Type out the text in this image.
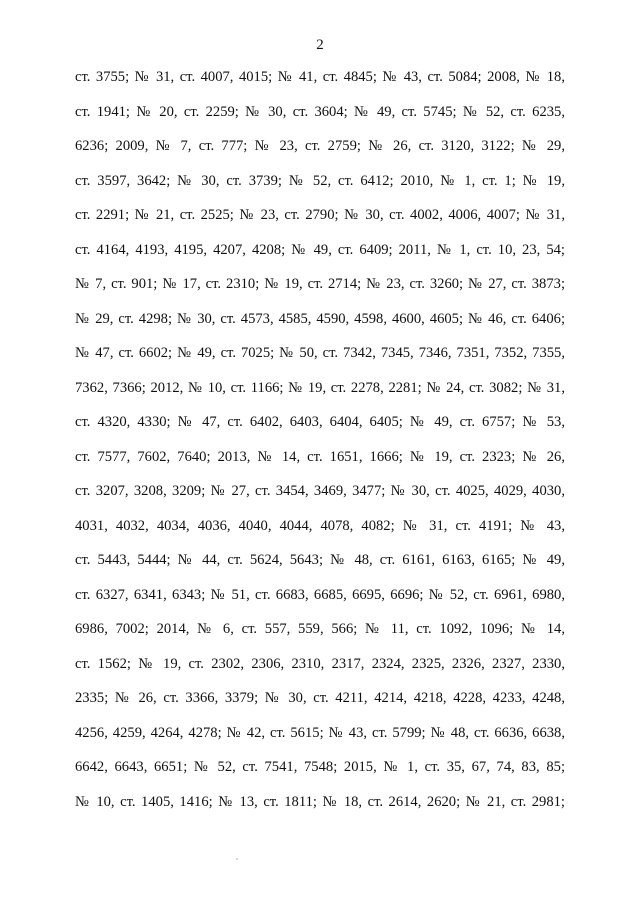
2
ст. 3755; № 31, ст. 4007, 4015; № 41, ст. 4845; № 43, ст. 5084; 2008, № 18,
ст. 1941; № 20, ст. 2259; № 30, ст. 3604; № 49, ст. 5745; № 52, ст. 6235,
6236; 2009, № 7, ст. 777; № 23, ст. 2759; № 26, ст. 3120, 3122; № 29,
ст. 3597, 3642; № 30, ст. 3739; № 52, ст. 6412; 2010, № 1, ст. 1; № 19,
ст. 2291; № 21, ст. 2525; № 23, ст. 2790; № 30, ст. 4002, 4006, 4007; № 31,
ст. 4164, 4193, 4195, 4207, 4208; № 49, ст. 6409; 2011, № 1, ст. 10, 23, 54;
№ 7, ст. 901; № 17, ст. 2310; № 19, ст. 2714; № 23, ст. 3260; № 27, ст. 3873;
№ 29, ст. 4298; № 30, ст. 4573, 4585, 4590, 4598, 4600, 4605; № 46, ст. 6406;
№ 47, ст. 6602; № 49, ст. 7025; № 50, ст. 7342, 7345, 7346, 7351, 7352, 7355,
7362, 7366; 2012, № 10, ст. 1166; № 19, ст. 2278, 2281; № 24, ст. 3082; № 31,
ст. 4320, 4330; № 47, ст. 6402, 6403, 6404, 6405; № 49, ст. 6757; № 53,
ст. 7577, 7602, 7640; 2013, № 14, ст. 1651, 1666; № 19, ст. 2323; № 26,
ст. 3207, 3208, 3209; № 27, ст. 3454, 3469, 3477; № 30, ст. 4025, 4029, 4030,
4031, 4032, 4034, 4036, 4040, 4044, 4078, 4082; № 31, ст. 4191; № 43,
ст. 5443, 5444; № 44, ст. 5624, 5643; № 48, ст. 6161, 6163, 6165; № 49,
ст. 6327, 6341, 6343; № 51, ст. 6683, 6685, 6695, 6696; № 52, ст. 6961, 6980,
6986, 7002; 2014, № 6, ст. 557, 559, 566; № 11, ст. 1092, 1096; № 14,
ст. 1562; № 19, ст. 2302, 2306, 2310, 2317, 2324, 2325, 2326, 2327, 2330,
2335; № 26, ст. 3366, 3379; № 30, ст. 4211, 4214, 4218, 4228, 4233, 4248,
4256, 4259, 4264, 4278; № 42, ст. 5615; № 43, ст. 5799; № 48, ст. 6636, 6638,
6642, 6643, 6651; № 52, ст. 7541, 7548; 2015, № 1, ст. 35, 67, 74, 83, 85;
№ 10, ст. 1405, 1416; № 13, ст. 1811; № 18, ст. 2614, 2620; № 21, ст. 2981;
